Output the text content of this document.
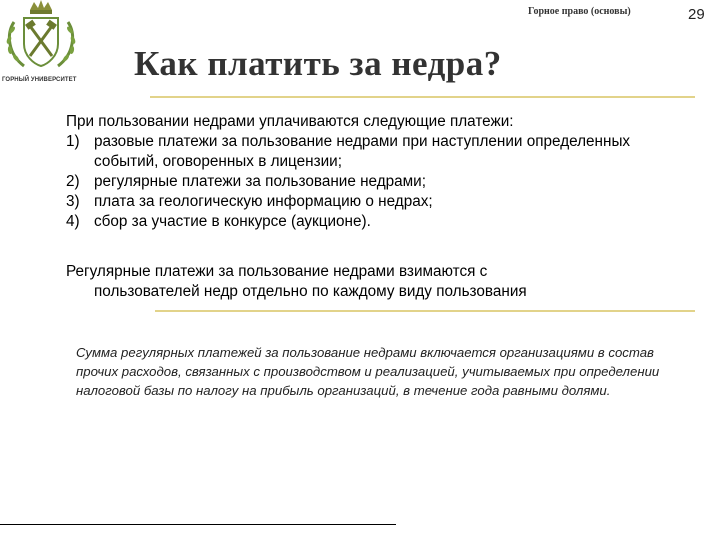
ГОРНЫЙ УНИВЕРСИТЕТ
Горное право (основы)	29
Как платить за недра?
При пользовании недрами уплачиваются следующие платежи:
1) разовые платежи за пользование недрами при наступлении определенных событий, оговоренных в лицензии;
2) регулярные платежи за пользование недрами;
3) плата за геологическую информацию о недрах;
4) сбор за участие в конкурсе (аукционе).
Регулярные платежи за пользование недрами взимаются с
пользователей недр отдельно по каждому виду пользования
Сумма регулярных платежей за пользование недрами включается организациями в состав прочих расходов, связанных с производством и реализацией, учитываемых при определении налоговой базы по налогу на прибыль организаций, в течение года равными долями.
